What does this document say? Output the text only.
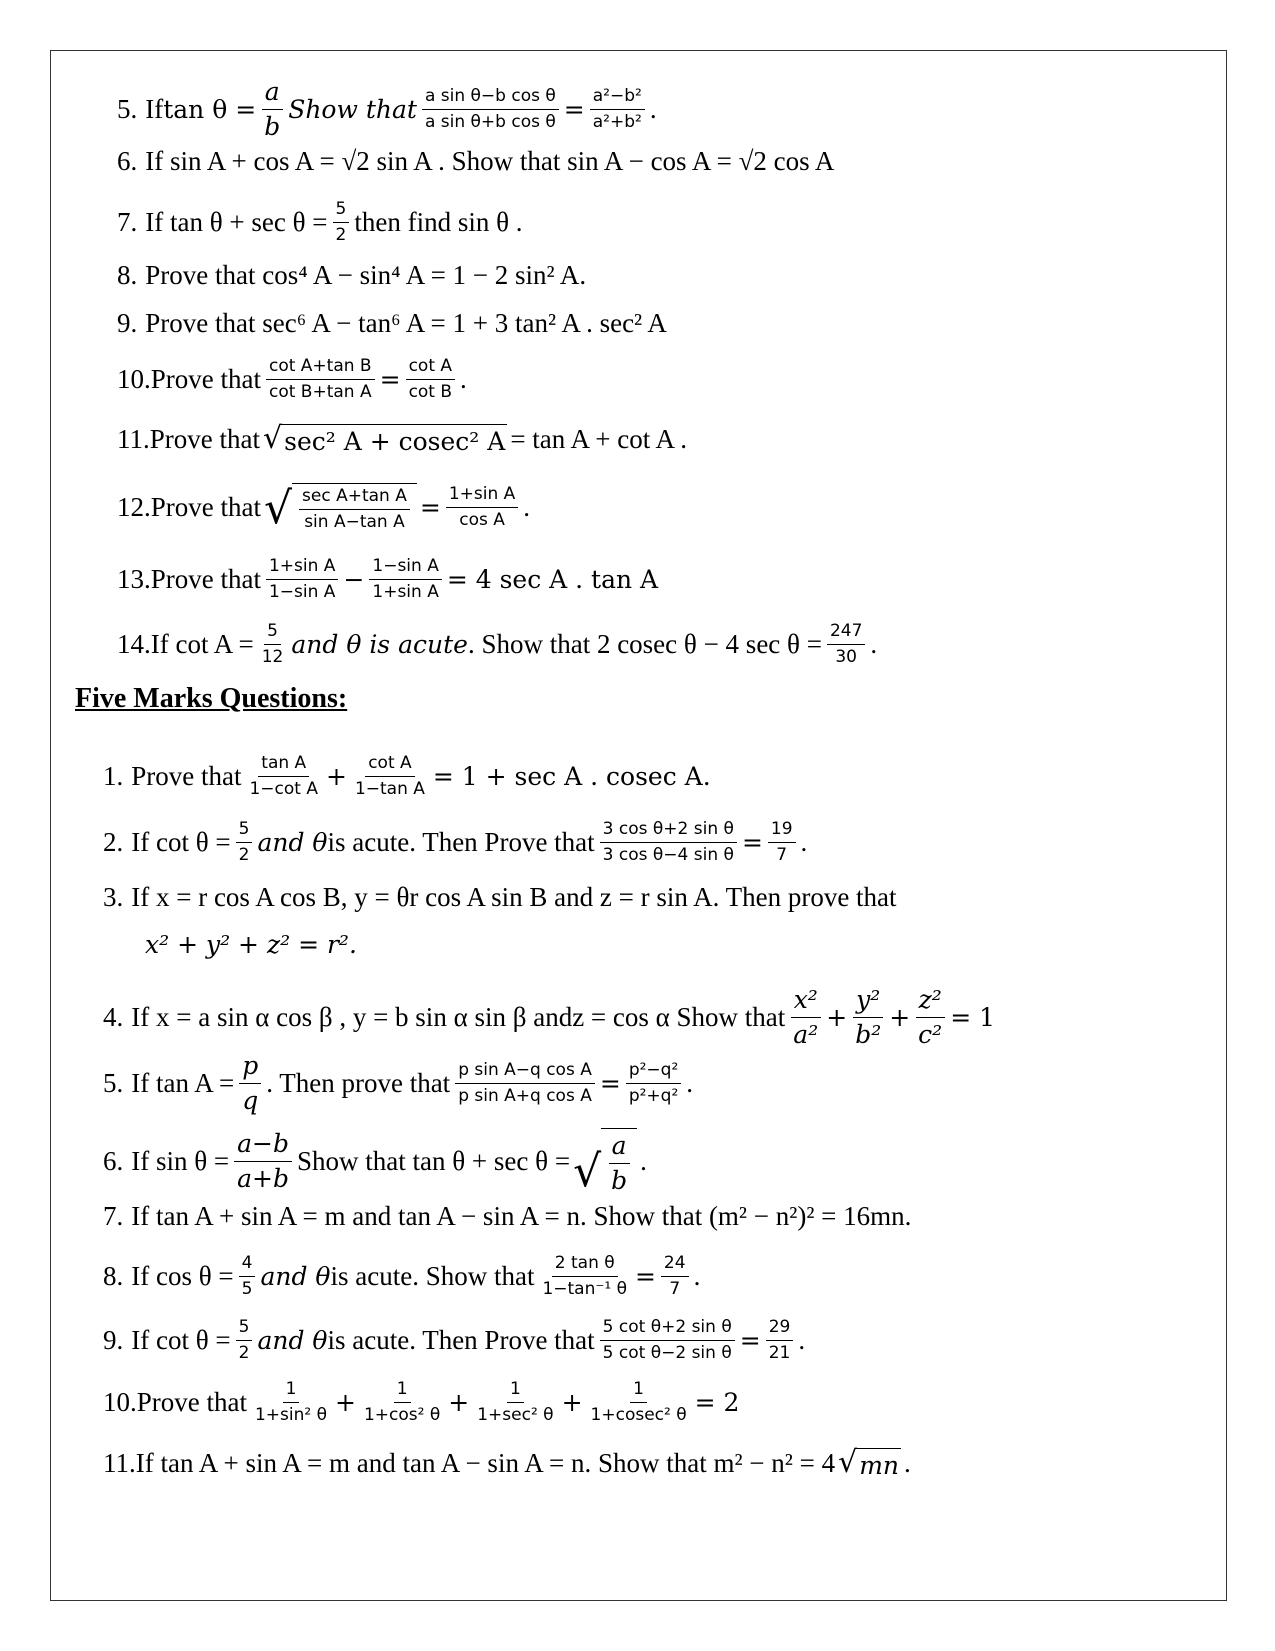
5. If $\tan \theta = \frac{a}{b}$ Show that $\frac{\text{a sin θ−b cos θ}}{\text{a sin θ+b cos θ}} = \frac{\text{a²−b²}}{\text{a²+b²}}$ .
6. If sin A + cos A = √2 sin A . Show that sin A − cos A = √2 cos A
7. If $\tan \theta + \sec \theta = \frac{5}{2}$ then find sin θ .
8. Prove that cos⁴ A − sin⁴ A = 1 − 2 sin² A.
9. Prove that sec⁶ A − tan⁶ A = 1 + 3 tan² A . sec² A
10. Prove that $\frac{\text{cot A+tan B}}{\text{cot B+tan A}} = \frac{\text{cot A}}{\text{cot B}}$ .
11. Prove that √ sec² A + cosec² A = tan A + cot A .
12. Prove that √ $\frac{\text{sec A+tan A}}{\text{sin A−tan A}} = \frac{\text{1+sin A}}{\text{cos A}}$ .
13. Prove that $\frac{\text{1+sin A}}{\text{1−sin A}} - \frac{\text{1−sin A}}{\text{1+sin A}} = 4$ sec A . tan A
14. If $\cot A = \frac{5}{12}$ and θ is acute . Show that 2 cosec θ − 4 $\sec \theta = \frac{247}{30}$ .
Five Marks Questions:
1. Prove that $\frac{\text{tan A}}{\text{1−cot A}} + \frac{\text{cot A}}{\text{1−tan A}} = 1 + \sec A$ . cosec A.
2. If $\cot \theta = \frac{5}{2}$ and θ is acute. Then Prove that $\frac{\text{3 cos θ+2 sin θ}}{\text{3 cos θ−4 sin θ}} = \frac{19}{7}$ .
3. If x = r cos A cos B, y = θr cos A sin B and z = r sin A. Then prove that
x² + y² + z² = r².
4. If x = a sin α cos β , y = b sin α sin β andz = cos α Show that $\frac{\text{x²}}{\text{a²}} + \frac{\text{y²}}{\text{b²}} + \frac{\text{z²}}{\text{c²}} = 1$
5. If $\tan A = \frac{p}{q}$ . Then prove that $\frac{\text{p sin A−q cos A}}{\text{p sin A+q cos A}} = \frac{\text{p²−q²}}{\text{p²+q²}}$ .
6. If $\sin \theta = \frac{a-b}{a+b}$ Show that tan θ + sec θ = √ $\frac{a}{b}$ .
7. If tan A + sin A = m and tan A − sin A = n. Show that (m² − n²)² = 16mn.
8. If $\cos \theta = \frac{4}{5}$ and θ is acute. Show that $\frac{\text{2 tan θ}}{\text{1−tan⁻¹ θ}} = \frac{24}{7}$ .
9. If $\cot \theta = \frac{5}{2}$ and θ is acute. Then Prove that $\frac{\text{5 cot θ+2 sin θ}}{\text{5 cot θ−2 sin θ}} = \frac{29}{21}$ .
10. Prove that $\frac{1}{\text{1+sin² θ}} + \frac{1}{\text{1+cos² θ}} + \frac{1}{\text{1+sec² θ}} + \frac{1}{\text{1+cosec² θ}} = 2$
11. If tan A + sin A = m and tan A − sin A = n. Show that m² − n² = 4 √ mn .
